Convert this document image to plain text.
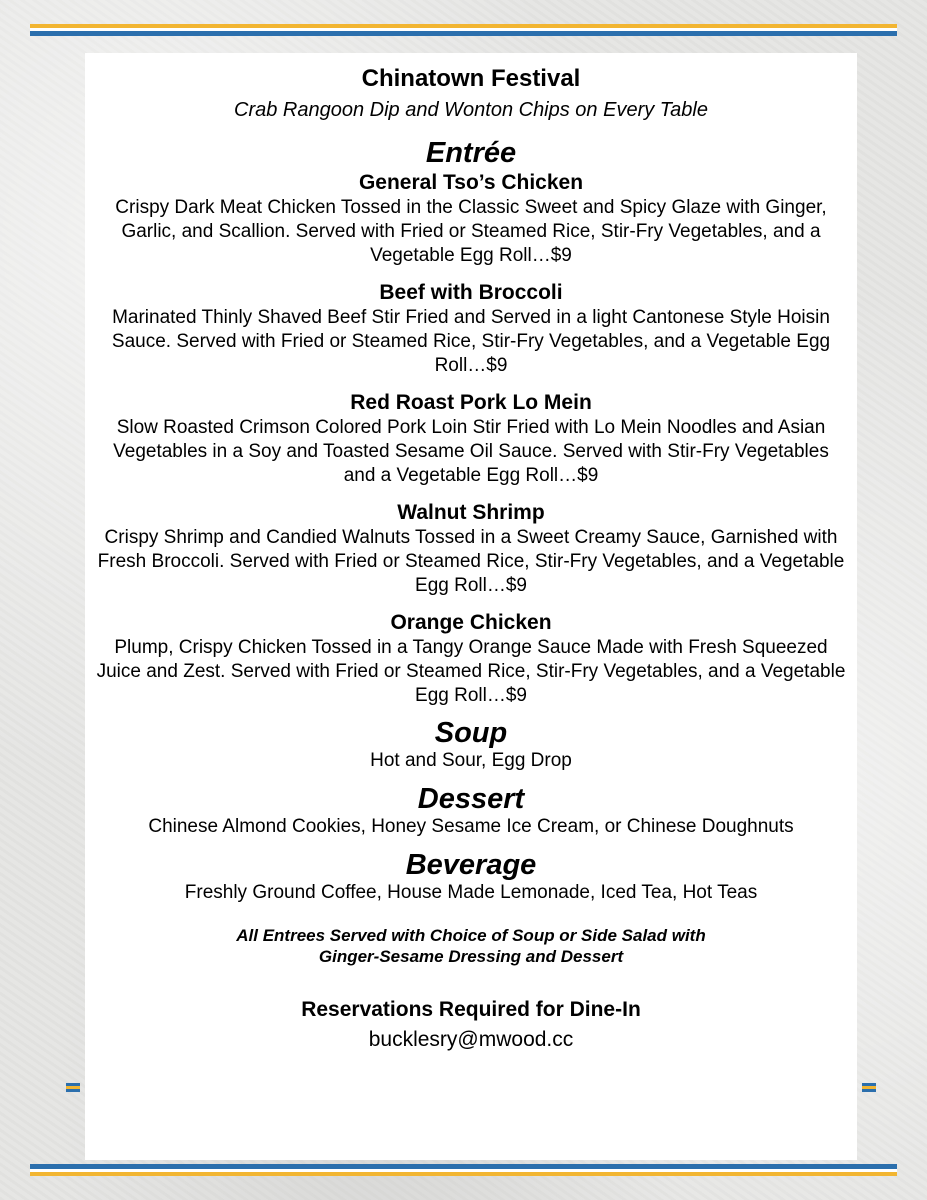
Chinatown Festival
Crab Rangoon Dip and Wonton Chips on Every Table
Entrée
General Tso’s Chicken
Crispy Dark Meat Chicken Tossed in the Classic Sweet and Spicy Glaze with Ginger, Garlic, and Scallion. Served with Fried or Steamed Rice, Stir-Fry Vegetables, and a Vegetable Egg Roll…$9
Beef with Broccoli
Marinated Thinly Shaved Beef Stir Fried and Served in a light Cantonese Style Hoisin Sauce. Served with Fried or Steamed Rice, Stir-Fry Vegetables, and a Vegetable Egg Roll…$9
Red Roast Pork Lo Mein
Slow Roasted Crimson Colored Pork Loin Stir Fried with Lo Mein Noodles and Asian Vegetables in a Soy and Toasted Sesame Oil Sauce. Served with Stir-Fry Vegetables and a Vegetable Egg Roll…$9
Walnut Shrimp
Crispy Shrimp and Candied Walnuts Tossed in a Sweet Creamy Sauce, Garnished with Fresh Broccoli. Served with Fried or Steamed Rice, Stir-Fry Vegetables, and a Vegetable Egg Roll…$9
Orange Chicken
Plump, Crispy Chicken Tossed in a Tangy Orange Sauce Made with Fresh Squeezed Juice and Zest. Served with Fried or Steamed Rice, Stir-Fry Vegetables, and a Vegetable Egg Roll…$9
Soup
Hot and Sour, Egg Drop
Dessert
Chinese Almond Cookies, Honey Sesame Ice Cream, or Chinese Doughnuts
Beverage
Freshly Ground Coffee, House Made Lemonade, Iced Tea, Hot Teas
All Entrees Served with Choice of Soup or Side Salad with
Ginger-Sesame Dressing and Dessert
Reservations Required for Dine-In
bucklesry@mwood.cc
